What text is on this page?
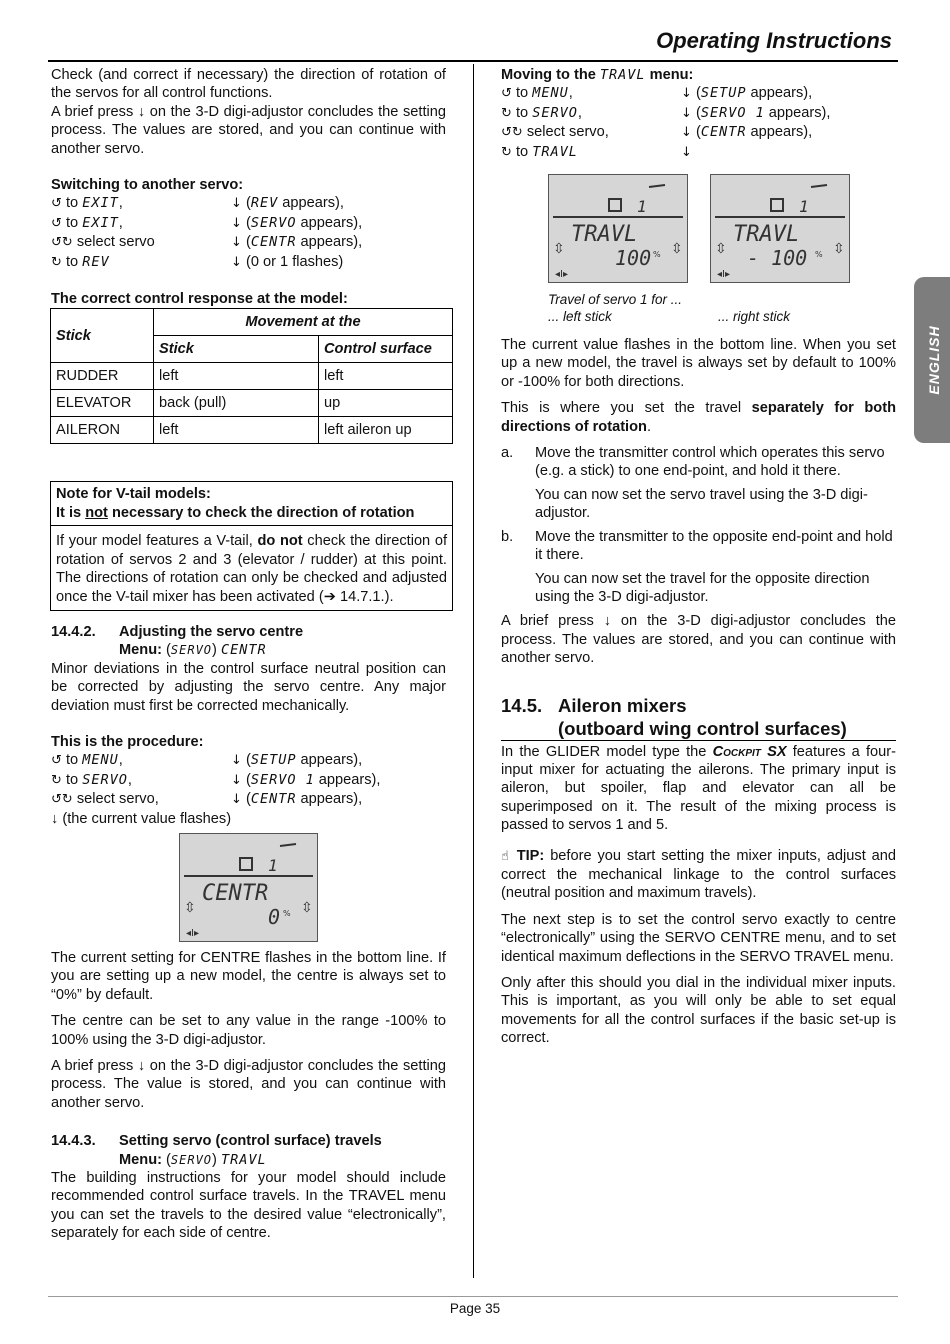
Operating Instructions
ENGLISH

Check (and correct if necessary) the direction of rotation of the servos for all control functions.

A brief press ↓ on the 3-D digi-adjustor concludes the setting process. The values are stored, and you can continue with another servo.

Switching to another servo:

↺ to EXIT,	↓ (REV appears),
↺ to EXIT,	↓ (SERVO appears),
↺↻ select servo	↓ (CENTR appears),
↻ to REV	↓ (0 or 1 flashes)

The correct control response at the model:

Stick	Movement at the	
	Stick	Control surface
RUDDER	left	left
ELEVATOR	back (pull)	up
AILERON	left	left aileron up
Note for V-tail models:
It is not necessary to check the direction of rotation

If your model features a V-tail, do not check the direction of rotation of servos 2 and 3 (elevator / rudder) at this point. The directions of rotation can only be checked and adjusted once the V-tail mixer has been activated (➔ 14.7.1.).

14.4.2. Adjusting the servo centre
Menu: (SERVO) CENTR

Minor deviations in the control surface neutral position can be corrected by adjusting the servo centre. Any major deviation must first be corrected mechanically.

This is the procedure:

↺ to MENU,	↓ (SETUP appears),
↻ to SERVO,	↓ (SERVO 1 appears),
↺↻ select servo,	↓ (CENTR appears),
↓ (the current value flashes)
1
CENTR
0 %
⇳	⇳
◂Ι▸

The current setting for CENTRE flashes in the bottom line. If you are setting up a new model, the centre is always set to “0%” by default.

The centre can be set to any value in the range -100% to 100% using the 3-D digi-adjustor.

A brief press ↓ on the 3-D digi-adjustor concludes the setting process. The value is stored, and you can continue with another servo.

14.4.3. Setting servo (control surface) travels
Menu: (SERVO) TRAVL

The building instructions for your model should include recommended control surface travels. In the TRAVEL menu you can set the travels to the desired value “electronically”, separately for each side of centre.

Moving to the TRAVL menu:

↺ to MENU,	↓ (SETUP appears),
↻ to SERVO,	↓ (SERVO 1 appears),
↺↻ select servo,	↓ (CENTR appears),
↻ to TRAVL	↓
1
TRAVL
100 %
⇳	⇳
◂Ι▸
1
TRAVL
- 100 %
⇳	⇳
◂Ι▸
Travel of servo 1 for ...
... left stick	... right stick

The current value flashes in the bottom line. When you set up a new model, the travel is always set by default to 100% or -100% for both directions.

This is where you set the travel separately for both directions of rotation.

a.	Move the transmitter control which operates this servo (e.g. a stick) to one end-point, and hold it there.

You can now set the servo travel using the 3-D digi-adjustor.

b.	Move the transmitter to the opposite end-point and hold it there.

You can now set the travel for the opposite direction using the 3-D digi-adjustor.

A brief press ↓ on the 3-D digi-adjustor concludes the process. The values are stored, and you can continue with another servo.

14.5. Aileron mixers
(outboard wing control surfaces)

In the GLIDER model type the Cockpit SX features a four-input mixer for actuating the ailerons. The primary input is aileron, but spoiler, flap and elevator can all be superimposed on it. The result of the mixing process is passed to servos 1 and 5.

☝ TIP: before you start setting the mixer inputs, adjust and correct the mechanical linkage to the control surfaces (neutral position and maximum travels).

The next step is to set the control servo exactly to centre “electronically” using the SERVO CENTRE menu, and to set identical maximum deflections in the SERVO TRAVEL menu.

Only after this should you dial in the individual mixer inputs. This is important, as you will only be able to set equal movements for all the control surfaces if the basic set-up is correct.

Page 35
